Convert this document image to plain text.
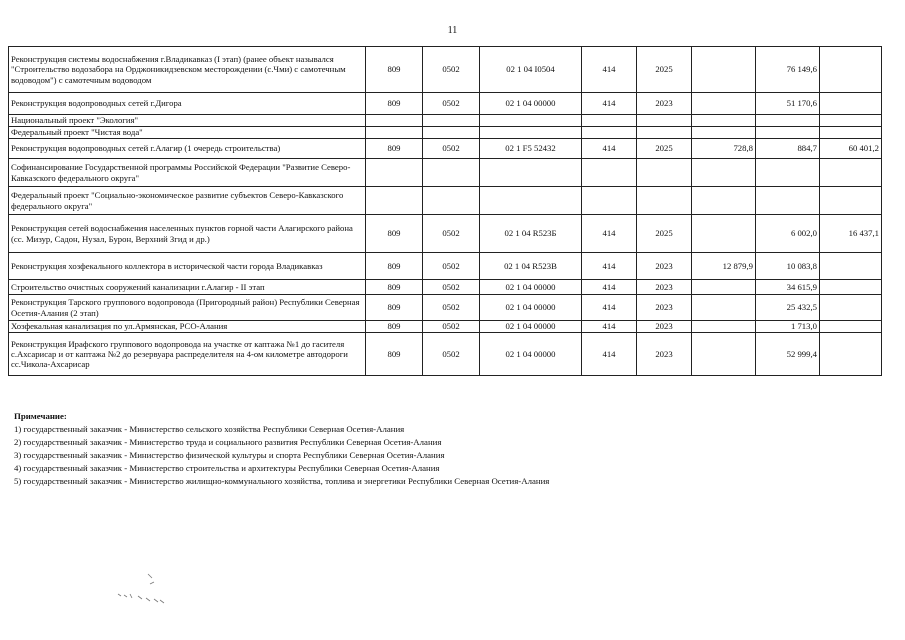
11
Реконструкция системы водоснабжения г.Владикавказ (I этап) (ранее объект назывался "Строительство водозабора на Орджоникидзевском месторождении (с.Чми) с самотечным водоводом") с самотечным водоводом	809	0502	02 1 04 I0504	414	2025		76 149,6	
Реконструкция водопроводных сетей г.Дигора	809	0502	02 1 04 00000	414	2023		51 170,6	
Национальный проект "Экология"								
Федеральный проект "Чистая вода"								
Реконструкция водопроводных сетей г.Алагир (1 очередь строительства)	809	0502	02 1 F5 52432	414	2025	728,8	884,7	60 401,2
Софинансирование Государственной программы Российской Федерации "Развитие Северо-Кавказского федерального округа"								
Федеральный проект "Социально-экономическое развитие субъектов Северо-Кавказского федерального округа"								
Реконструкция сетей водоснабжения населенных пунктов горной части Алагирского района (сс. Мизур, Садон, Нузал, Бурон, Верхний Згид и др.)	809	0502	02 1 04 R523Б	414	2025		6 002,0	16 437,1
Реконструкция хозфекального коллектора в исторической части города Владикавказ	809	0502	02 1 04 R523В	414	2023	12 879,9	10 083,8	
Строительство очистных сооружений канализации г.Алагир - II этап	809	0502	02 1 04 00000	414	2023		34 615,9	
Реконструкция Тарского группового водопровода (Пригородный район) Республики Северная Осетия-Алания (2 этап)	809	0502	02 1 04 00000	414	2023		25 432,5	
Хозфекальная канализация по ул.Армянская, РСО-Алания	809	0502	02 1 04 00000	414	2023		1 713,0	
Реконструкция Ирафского группового водопровода на участке от каптажа №1 до гасителя с.Ахсарисар и от каптажа №2 до резервуара распределителя на 4-ом километре автодороги сс.Чикола-Ахсарисар	809	0502	02 1 04 00000	414	2023		52 999,4	
Примечание:
1) государственный заказчик - Министерство сельского хозяйства Республики Северная Осетия-Алания
2) государственный заказчик - Министерство труда и социального развития Республики Северная Осетия-Алания
3) государственный заказчик - Министерство физической культуры и спорта Республики Северная Осетия-Алания
4) государственный заказчик - Министерство строительства и архитектуры Республики Северная Осетия-Алания
5) государственный заказчик - Министерство жилищно-коммунального хозяйства, топлива и энергетики Республики Северная Осетия-Алания
